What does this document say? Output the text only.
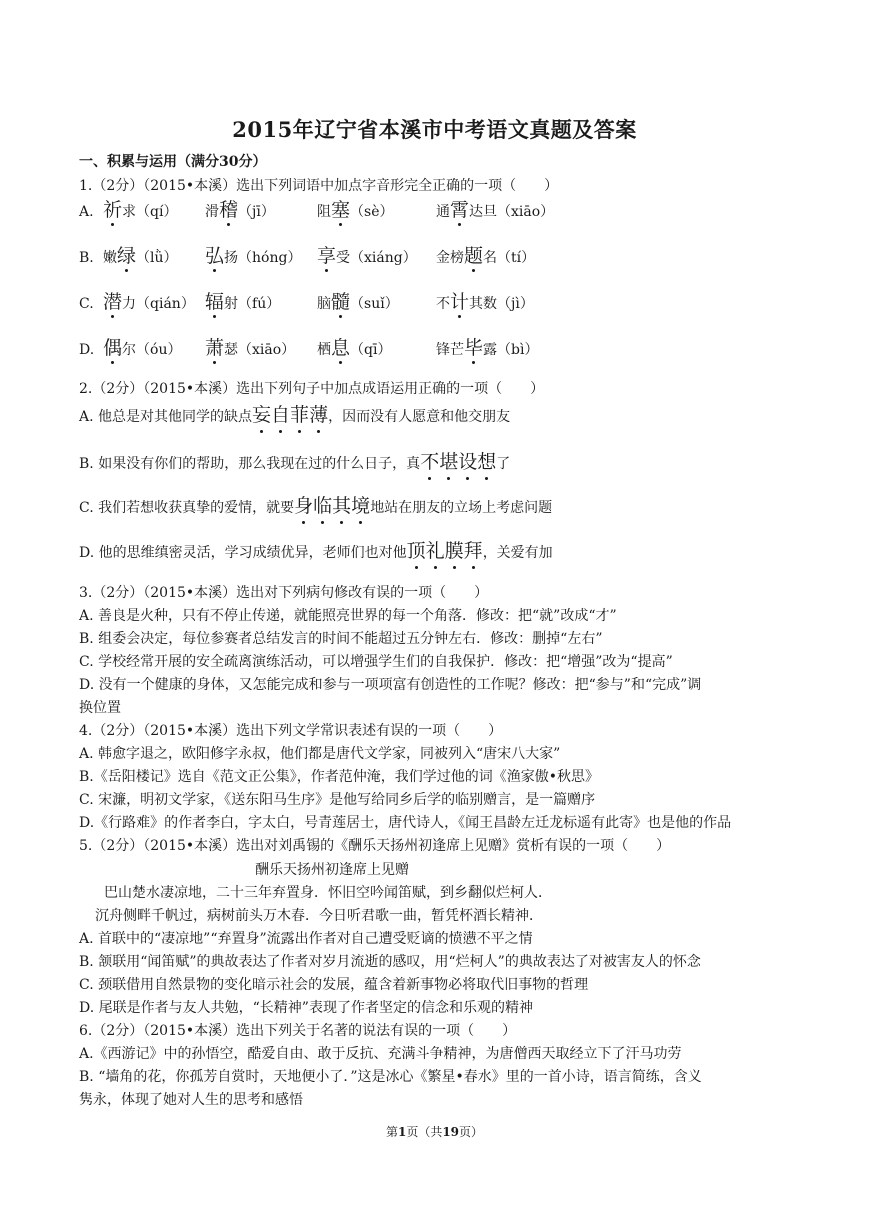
2015年辽宁省本溪市中考语文真题及答案
一、积累与运用（满分30分）
1.（2分）（2015•本溪）选出下列词语中加点字音形完全正确的一项（　　）
A. 祈求（qí） 滑稽（jī）	阻塞（sè）	通霄达旦（xiāo）
B. 嫩绿（lǜ） 弘扬（hóng） 享受（xiáng） 金榜题名（tí）
C. 潜力（qián） 辐射（fú）	脑髓（suǐ）	不计其数（jì）
D. 偶尔（óu） 萧瑟（xiāo） 栖息（qī）	锋芒毕露（bì）
2.（2分）（2015•本溪）选出下列句子中加点成语运用正确的一项（　　）
A. 他总是对其他同学的缺点妄自菲薄，因而没有人愿意和他交朋友
B. 如果没有你们的帮助，那么我现在过的什么日子，真不堪设想了
C. 我们若想收获真挚的爱情，就要身临其境地站在朋友的立场上考虑问题
D. 他的思维缜密灵活，学习成绩优异，老师们也对他顶礼膜拜，关爱有加
3.（2分）（2015•本溪）选出对下列病句修改有误的一项（　　）
A. 善良是火种，只有不停止传递，就能照亮世界的每一个角落．修改：把“就”改成“才”
B. 组委会决定，每位参赛者总结发言的时间不能超过五分钟左右．修改：删掉“左右”
C. 学校经常开展的安全疏离演练活动，可以增强学生们的自我保护．修改：把“增强”改为“提高”
D. 没有一个健康的身体，又怎能完成和参与一项项富有创造性的工作呢？修改：把“参与”和“完成”调
换位置
4.（2分）（2015•本溪）选出下列文学常识表述有误的一项（　　）
A. 韩愈字退之，欧阳修字永叔，他们都是唐代文学家，同被列入“唐宋八大家”
B.《岳阳楼记》选自《范文正公集》，作者范仲淹，我们学过他的词《渔家傲•秋思》
C. 宋濂，明初文学家，《送东阳马生序》是他写给同乡后学的临别赠言，是一篇赠序
D.《行路难》的作者李白，字太白，号青莲居士，唐代诗人，《闻王昌龄左迁龙标遥有此寄》也是他的作品
5.（2分）（2015•本溪）选出对刘禹锡的《酬乐天扬州初逢席上见赠》赏析有误的一项（　　）
酬乐天扬州初逢席上见赠
巴山楚水凄凉地，二十三年弃置身．怀旧空吟闻笛赋，到乡翻似烂柯人．
沉舟侧畔千帆过，病树前头万木春．今日听君歌一曲，暂凭杯酒长精神．
A. 首联中的“凄凉地”“弃置身”流露出作者对自己遭受贬谪的愤懑不平之情
B. 颔联用“闻笛赋”的典故表达了作者对岁月流逝的感叹，用“烂柯人”的典故表达了对被害友人的怀念
C. 颈联借用自然景物的变化暗示社会的发展，蕴含着新事物必将取代旧事物的哲理
D. 尾联是作者与友人共勉，“长精神”表现了作者坚定的信念和乐观的精神
6.（2分）（2015•本溪）选出下列关于名著的说法有误的一项（　　）
A.《西游记》中的孙悟空，酷爱自由、敢于反抗、充满斗争精神，为唐僧西天取经立下了汗马功劳
B. “墙角的花，你孤芳自赏时，天地便小了．”这是冰心《繁星•春水》里的一首小诗，语言简练，含义
隽永，体现了她对人生的思考和感悟
第1页（共19页）
